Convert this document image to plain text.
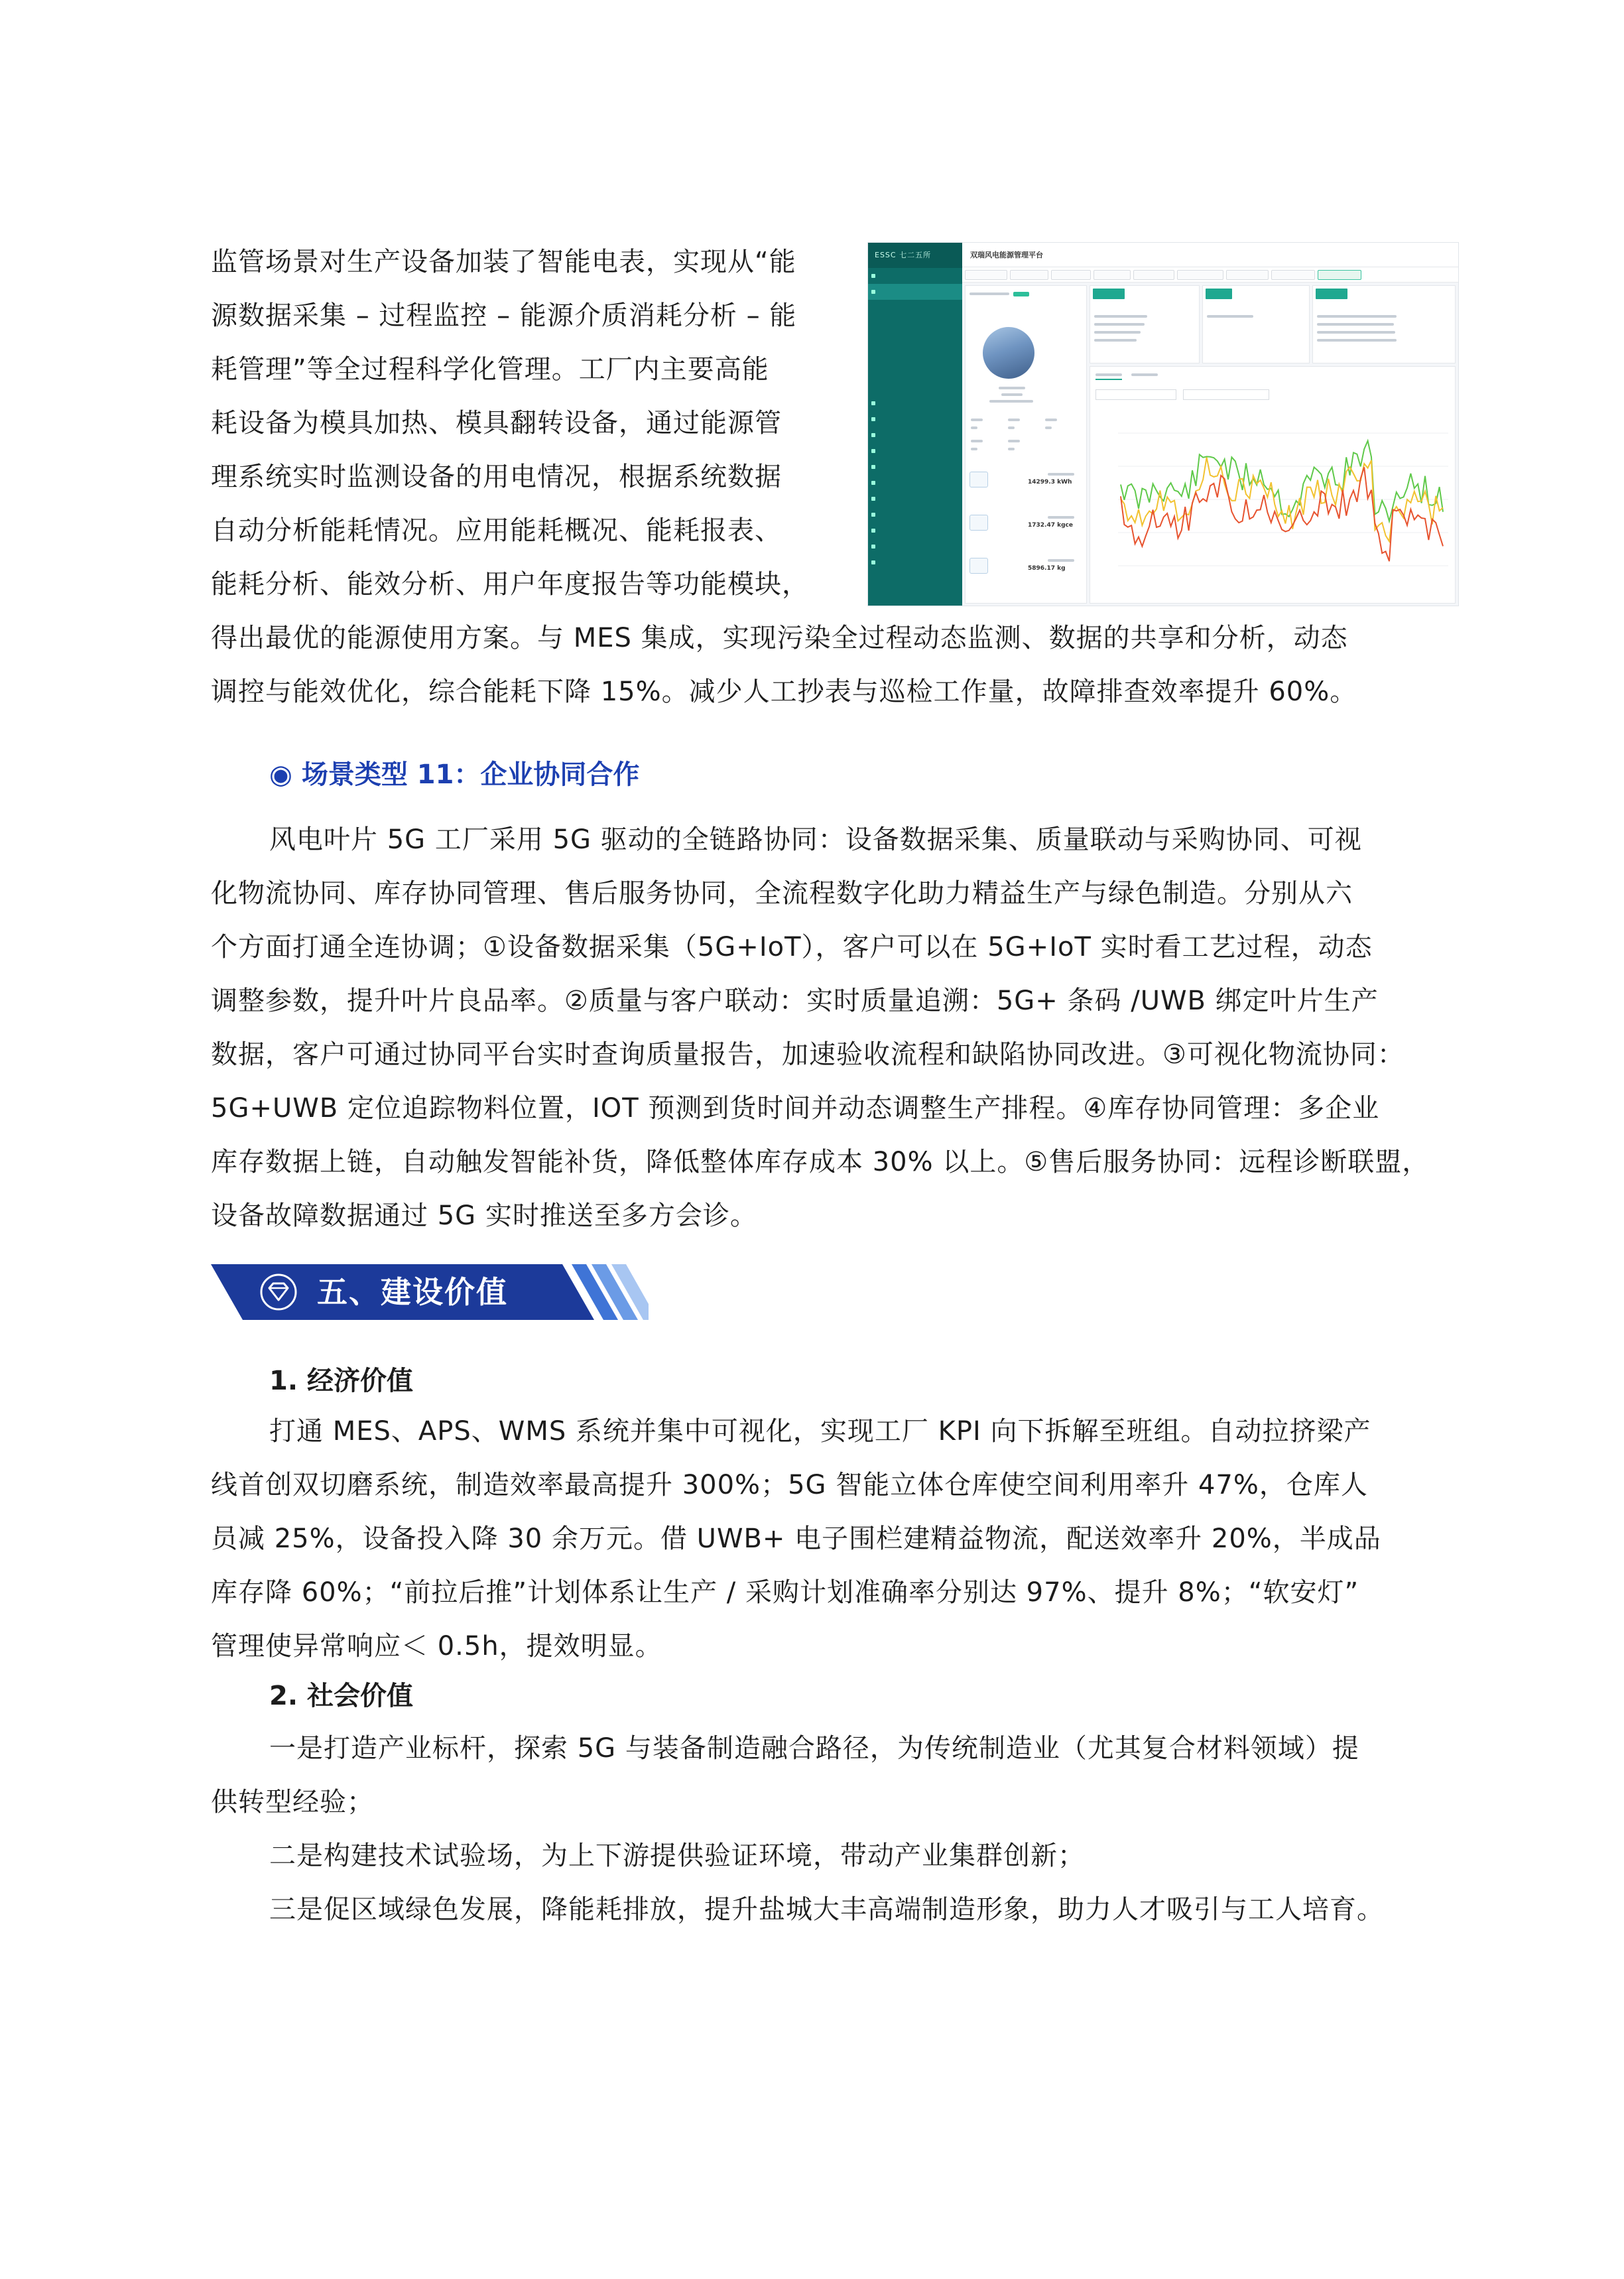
监管场景对生产设备加装了智能电表，实现从“能
源数据采集 – 过程监控 – 能源介质消耗分析 – 能
耗管理”等全过程科学化管理。工厂内主要高能
耗设备为模具加热、模具翻转设备，通过能源管
理系统实时监测设备的用电情况，根据系统数据
自动分析能耗情况。应用能耗概况、能耗报表、
能耗分析、能效分析、用户年度报告等功能模块，
ESSC 七二五所

	双瑞风电能源管理平台
14299.3 kWh
1732.47 kgce
5896.17 kg
得出最优的能源使用方案。与 MES 集成，实现污染全过程动态监测、数据的共享和分析，动态
调控与能效优化，综合能耗下降 15%。减少人工抄表与巡检工作量，故障排查效率提升 60%。
◉ 场景类型 11：企业协同合作
风电叶片 5G 工厂采用 5G 驱动的全链路协同：设备数据采集、质量联动与采购协同、可视
化物流协同、库存协同管理、售后服务协同，全流程数字化助力精益生产与绿色制造。分别从六
个方面打通全连协调；①设备数据采集（5G+IoT），客户可以在 5G+IoT 实时看工艺过程，动态
调整参数，提升叶片良品率。②质量与客户联动：实时质量追溯：5G+ 条码 /UWB 绑定叶片生产
数据，客户可通过协同平台实时查询质量报告，加速验收流程和缺陷协同改进。③可视化物流协同：
5G+UWB 定位追踪物料位置，IOT 预测到货时间并动态调整生产排程。④库存协同管理：多企业
库存数据上链，自动触发智能补货，降低整体库存成本 30% 以上。⑤售后服务协同：远程诊断联盟，
设备故障数据通过 5G 实时推送至多方会诊。
五、建设价值
1. 经济价值
打通 MES、APS、WMS 系统并集中可视化，实现工厂 KPI 向下拆解至班组。自动拉挤梁产
线首创双切磨系统，制造效率最高提升 300%；5G 智能立体仓库使空间利用率升 47%，仓库人
员减 25%，设备投入降 30 余万元。借 UWB+ 电子围栏建精益物流，配送效率升 20%，半成品
库存降 60%；“前拉后推”计划体系让生产 / 采购计划准确率分别达 97%、提升 8%；“软安灯”
管理使异常响应＜ 0.5h，提效明显。
2. 社会价值
一是打造产业标杆，探索 5G 与装备制造融合路径，为传统制造业（尤其复合材料领域）提
供转型经验；
二是构建技术试验场，为上下游提供验证环境，带动产业集群创新；
三是促区域绿色发展，降能耗排放，提升盐城大丰高端制造形象，助力人才吸引与工人培育。
